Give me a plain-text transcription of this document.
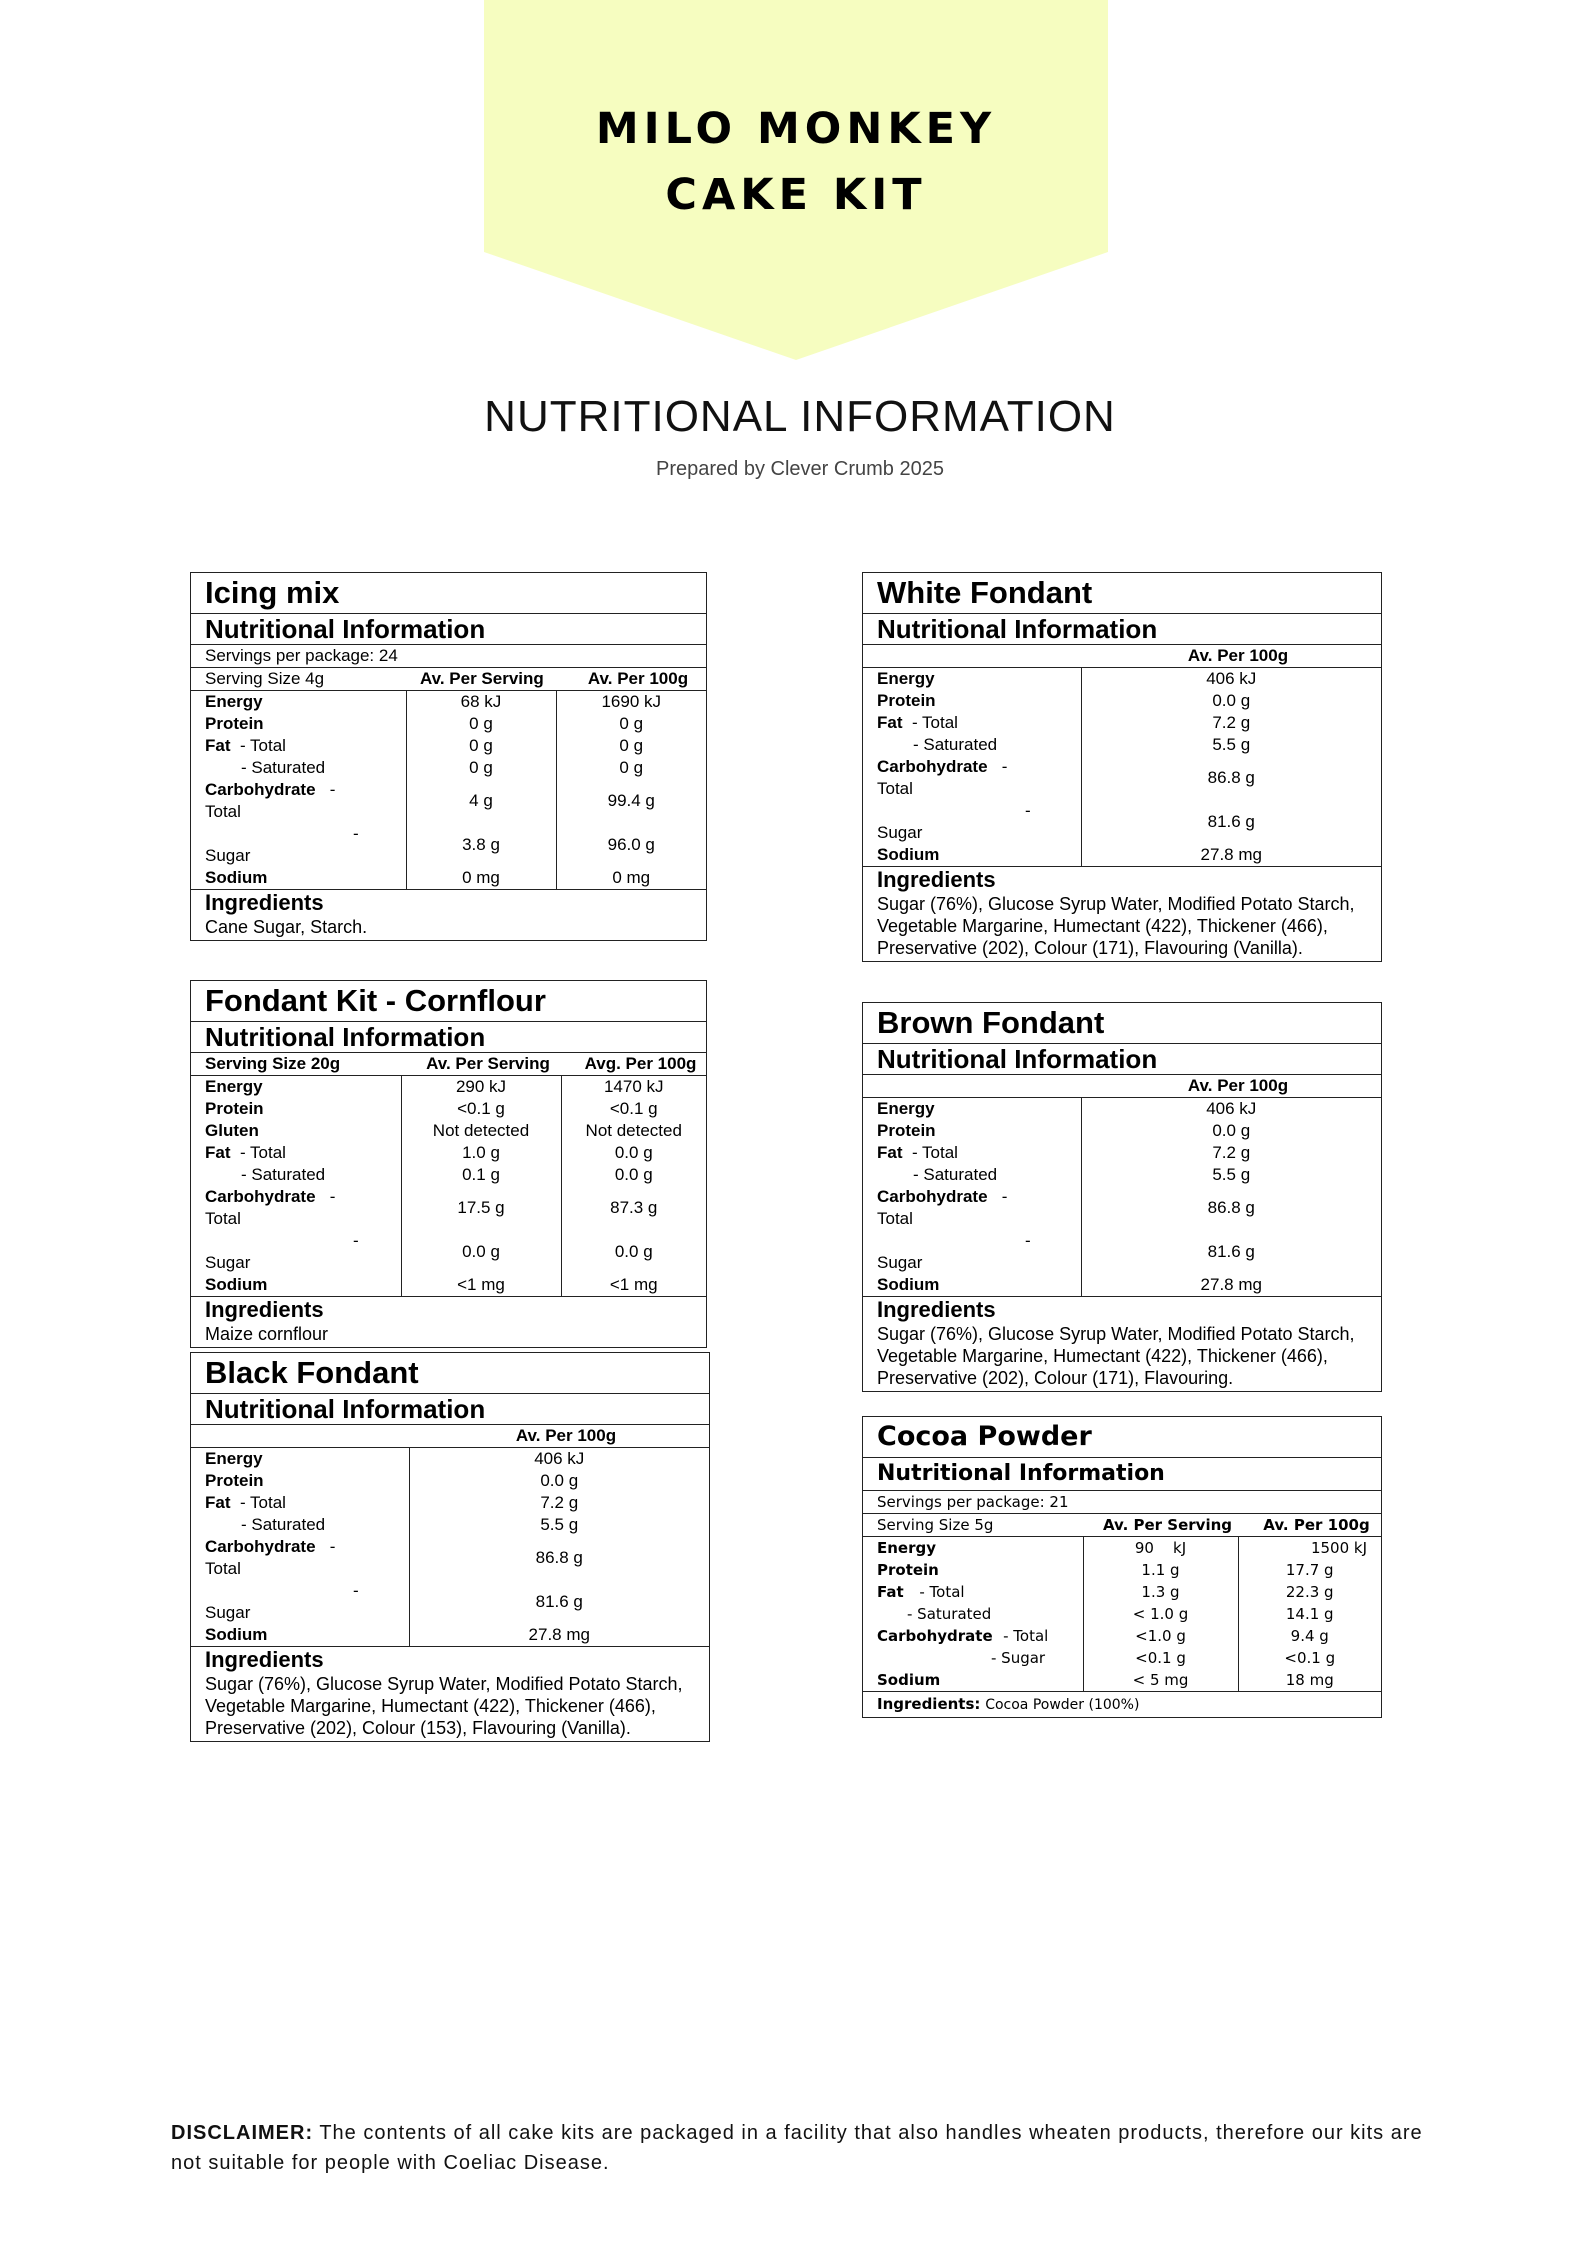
MILO MONKEY
CAKE KIT
NUTRITIONAL INFORMATION
Prepared by Clever Crumb 2025
Icing mix
Nutritional Information
Servings per package: 24
Serving Size 4g	Av. Per Serving	Av. Per 100g
Energy	68 kJ	1690 kJ
Protein	0 g	0 g
Fat - Total	0 g	0 g
- Saturated	0 g	0 g
Carbohydrate -
Total	4 g	99.4 g

-
Sugar	3.8 g	96.0 g
Sodium	0 mg	0 mg
Ingredients
Cane Sugar, Starch.
Fondant Kit - Cornflour
Nutritional Information
Serving Size 20g	Av. Per Serving	Avg. Per 100g
Energy	290 kJ	1470 kJ
Protein	<0.1 g	<0.1 g
Gluten	Not detected	Not detected
Fat - Total	1.0 g	0.0 g
- Saturated	0.1 g	0.0 g
Carbohydrate -
Total	17.5 g	87.3 g

-
Sugar	0.0 g	0.0 g
Sodium	<1 mg	<1 mg
Ingredients
Maize cornflour
Black Fondant
Nutritional Information
	Av. Per 100g
Energy	406 kJ
Protein	0.0 g
Fat - Total	7.2 g
- Saturated	5.5 g
Carbohydrate -
Total	86.8 g

-
Sugar	81.6 g
Sodium	27.8 mg
Ingredients
Sugar (76%), Glucose Syrup Water, Modified Potato Starch, Vegetable Margarine, Humectant (422), Thickener (466), Preservative (202), Colour (153), Flavouring (Vanilla).
White Fondant
Nutritional Information
	Av. Per 100g
Energy	406 kJ
Protein	0.0 g
Fat - Total	7.2 g
- Saturated	5.5 g
Carbohydrate -
Total	86.8 g

-
Sugar	81.6 g
Sodium	27.8 mg
Ingredients
Sugar (76%), Glucose Syrup Water, Modified Potato Starch, Vegetable Margarine, Humectant (422), Thickener (466), Preservative (202), Colour (171), Flavouring (Vanilla).
Brown Fondant
Nutritional Information
	Av. Per 100g
Energy	406 kJ
Protein	0.0 g
Fat - Total	7.2 g
- Saturated	5.5 g
Carbohydrate -
Total	86.8 g

-
Sugar	81.6 g
Sodium	27.8 mg
Ingredients
Sugar (76%), Glucose Syrup Water, Modified Potato Starch, Vegetable Margarine, Humectant (422), Thickener (466), Preservative (202), Colour (171), Flavouring.
Cocoa Powder
Nutritional Information
Servings per package: 21
Serving Size 5g	Av. Per Serving	Av. Per 100g
Energy	90    kJ	1500 kJ
Protein	1.1 g	17.7 g
Fat - Total	1.3 g	22.3 g
- Saturated	< 1.0 g	14.1 g
Carbohydrate - Total	<1.0 g	9.4 g
- Sugar	<0.1 g	<0.1 g
Sodium	< 5 mg	18 mg
Ingredients: Cocoa Powder (100%)
DISCLAIMER: The contents of all cake kits are packaged in a facility that also handles wheaten products, therefore our kits are not suitable for people with Coeliac Disease.
